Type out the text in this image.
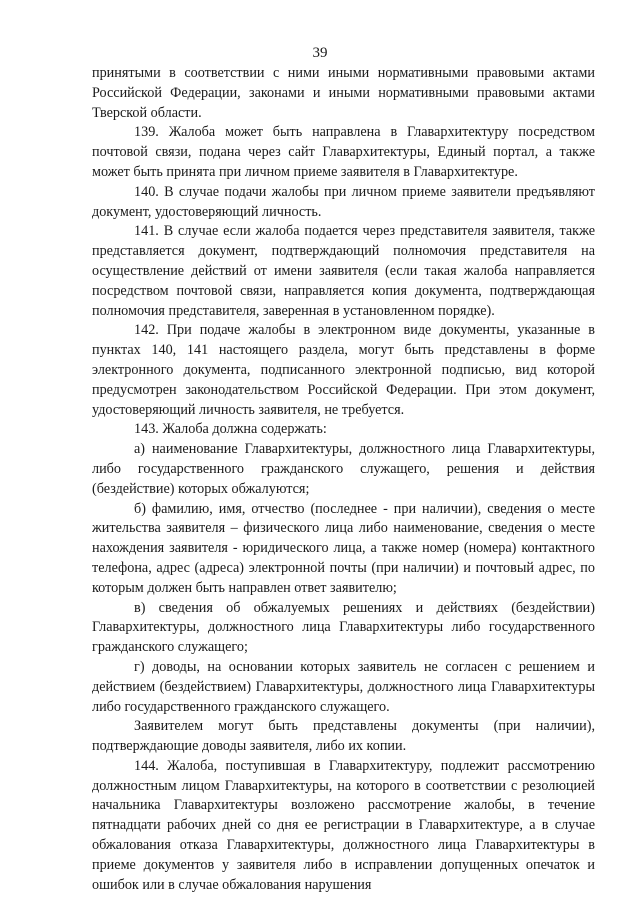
39

принятыми в соответствии с ними иными нормативными правовыми актами Российской Федерации, законами и иными нормативными правовыми актами Тверской области.

139. Жалоба может быть направлена в Главархитектуру посредством почтовой связи, подана через сайт Главархитектуры, Единый портал, а также может быть принята при личном приеме заявителя в Главархитектуре.

140. В случае подачи жалобы при личном приеме заявители предъявляют документ, удостоверяющий личность.

141. В случае если жалоба подается через представителя заявителя, также представляется документ, подтверждающий полномочия представителя на осуществление действий от имени заявителя (если такая жалоба направляется посредством почтовой связи, направляется копия документа, подтверждающая полномочия представителя, заверенная в установленном порядке).

142. При подаче жалобы в электронном виде документы, указанные в пунктах 140, 141 настоящего раздела, могут быть представлены в форме электронного документа, подписанного электронной подписью, вид которой предусмотрен законодательством Российской Федерации. При этом документ, удостоверяющий личность заявителя, не требуется.

143. Жалоба должна содержать:

а) наименование Главархитектуры, должностного лица Главархитектуры, либо государственного гражданского служащего, решения и действия (бездействие) которых обжалуются;

б) фамилию, имя, отчество (последнее - при наличии), сведения о месте жительства заявителя – физического лица либо наименование, сведения о месте нахождения заявителя - юридического лица, а также номер (номера) контактного телефона, адрес (адреса) электронной почты (при наличии) и почтовый адрес, по которым должен быть направлен ответ заявителю;

в) сведения об обжалуемых решениях и действиях (бездействии) Главархитектуры, должностного лица Главархитектуры либо государственного гражданского служащего;

г) доводы, на основании которых заявитель не согласен с решением и действием (бездействием) Главархитектуры, должностного лица Главархитектуры либо государственного гражданского служащего.

Заявителем могут быть представлены документы (при наличии), подтверждающие доводы заявителя, либо их копии.

144. Жалоба, поступившая в Главархитектуру, подлежит рассмотрению должностным лицом Главархитектуры, на которого в соответствии с резолюцией начальника Главархитектуры возложено рассмотрение жалобы, в течение пятнадцати рабочих дней со дня ее регистрации в Главархитектуре, а в случае обжалования отказа Главархитектуры, должностного лица Главархитектуры в приеме документов у заявителя либо в исправлении допущенных опечаток и ошибок или в случае обжалования нарушения
